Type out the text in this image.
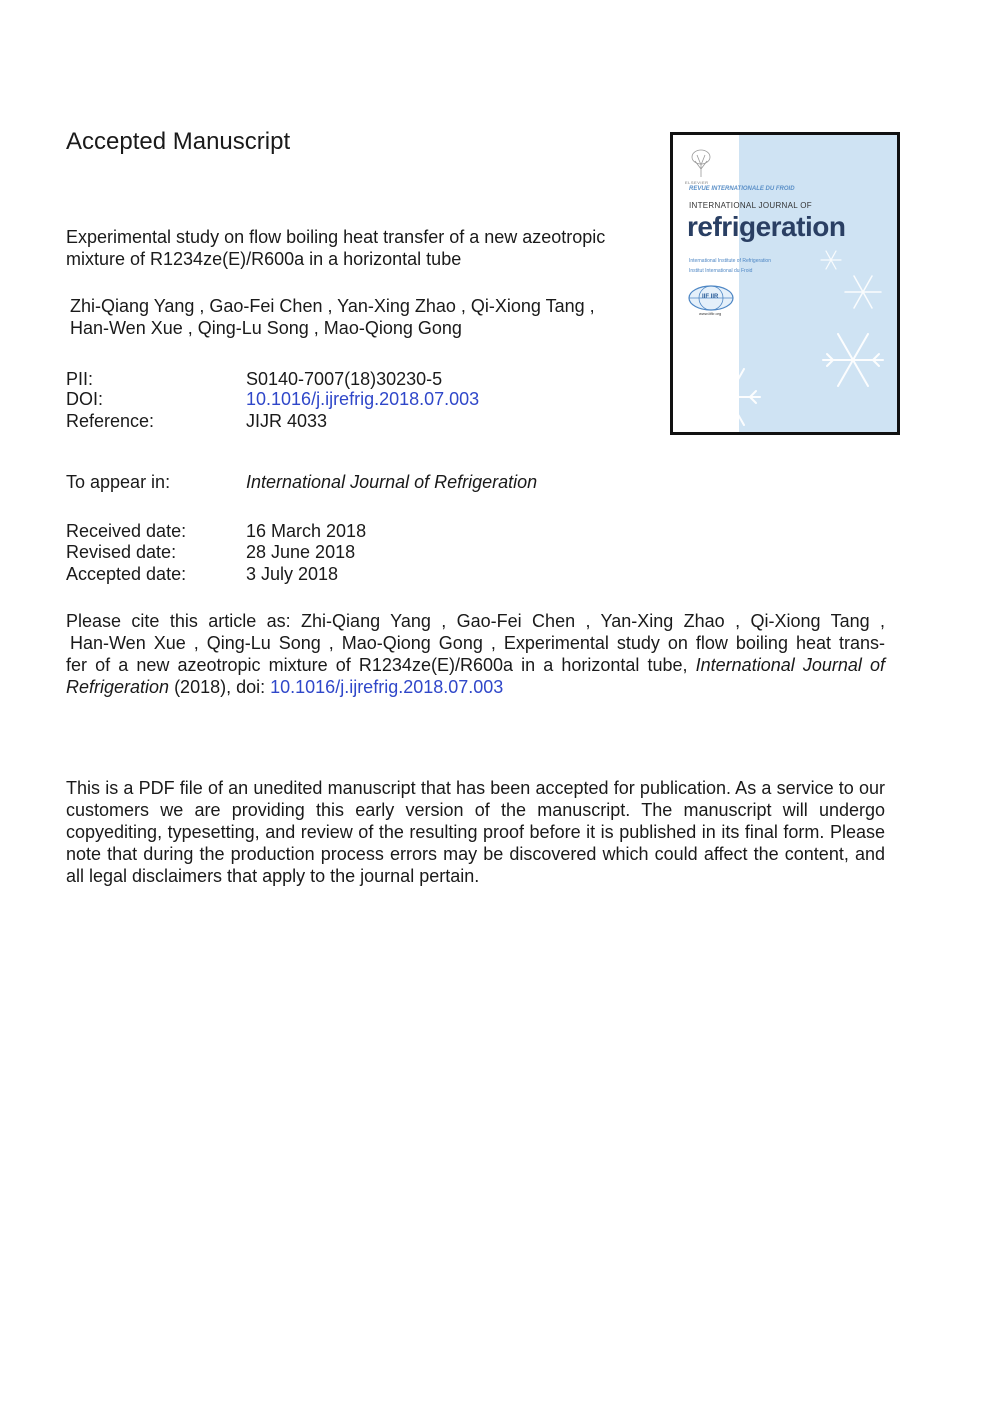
Accepted Manuscript
Experimental study on flow boiling heat transfer of a new azeotropic
mixture of R1234ze(E)/R600a in a horizontal tube
Zhi-Qiang Yang , Gao-Fei Chen , Yan-Xing Zhao , Qi-Xiong Tang ,
Han-Wen Xue , Qing-Lu Song , Mao-Qiong Gong
PII:	S0140-7007(18)30230-5
DOI:	10.1016/j.ijrefrig.2018.07.003
Reference:	JIJR 4033
To appear in:	International Journal of Refrigeration
Received date:	16 March 2018
Revised date:	28 June 2018
Accepted date:	3 July 2018
Please cite this article as: Zhi-Qiang Yang , Gao-Fei Chen , Yan-Xing Zhao , Qi-Xiong Tang ,
Han-Wen Xue , Qing-Lu Song , Mao-Qiong Gong , Experimental study on flow boiling heat trans-
fer of a new azeotropic mixture of R1234ze(E)/R600a in a horizontal tube, International Journal of
Refrigeration (2018), doi: 10.1016/j.ijrefrig.2018.07.003

This is a PDF file of an unedited manuscript that has been accepted for publication. As a service to our customers we are providing this early version of the manuscript. The manuscript will undergo copyediting, typesetting, and review of the resulting proof before it is published in its final form. Please note that during the production process errors may be discovered which could affect the content, and all legal disclaimers that apply to the journal pertain.

ELSEVIER
REVUE INTERNATIONALE DU FROID
INTERNATIONAL JOURNAL OF
refrigeration
International Institute of Refrigeration
Institut International du Froid
IIF IIR
www.iifiir.org
